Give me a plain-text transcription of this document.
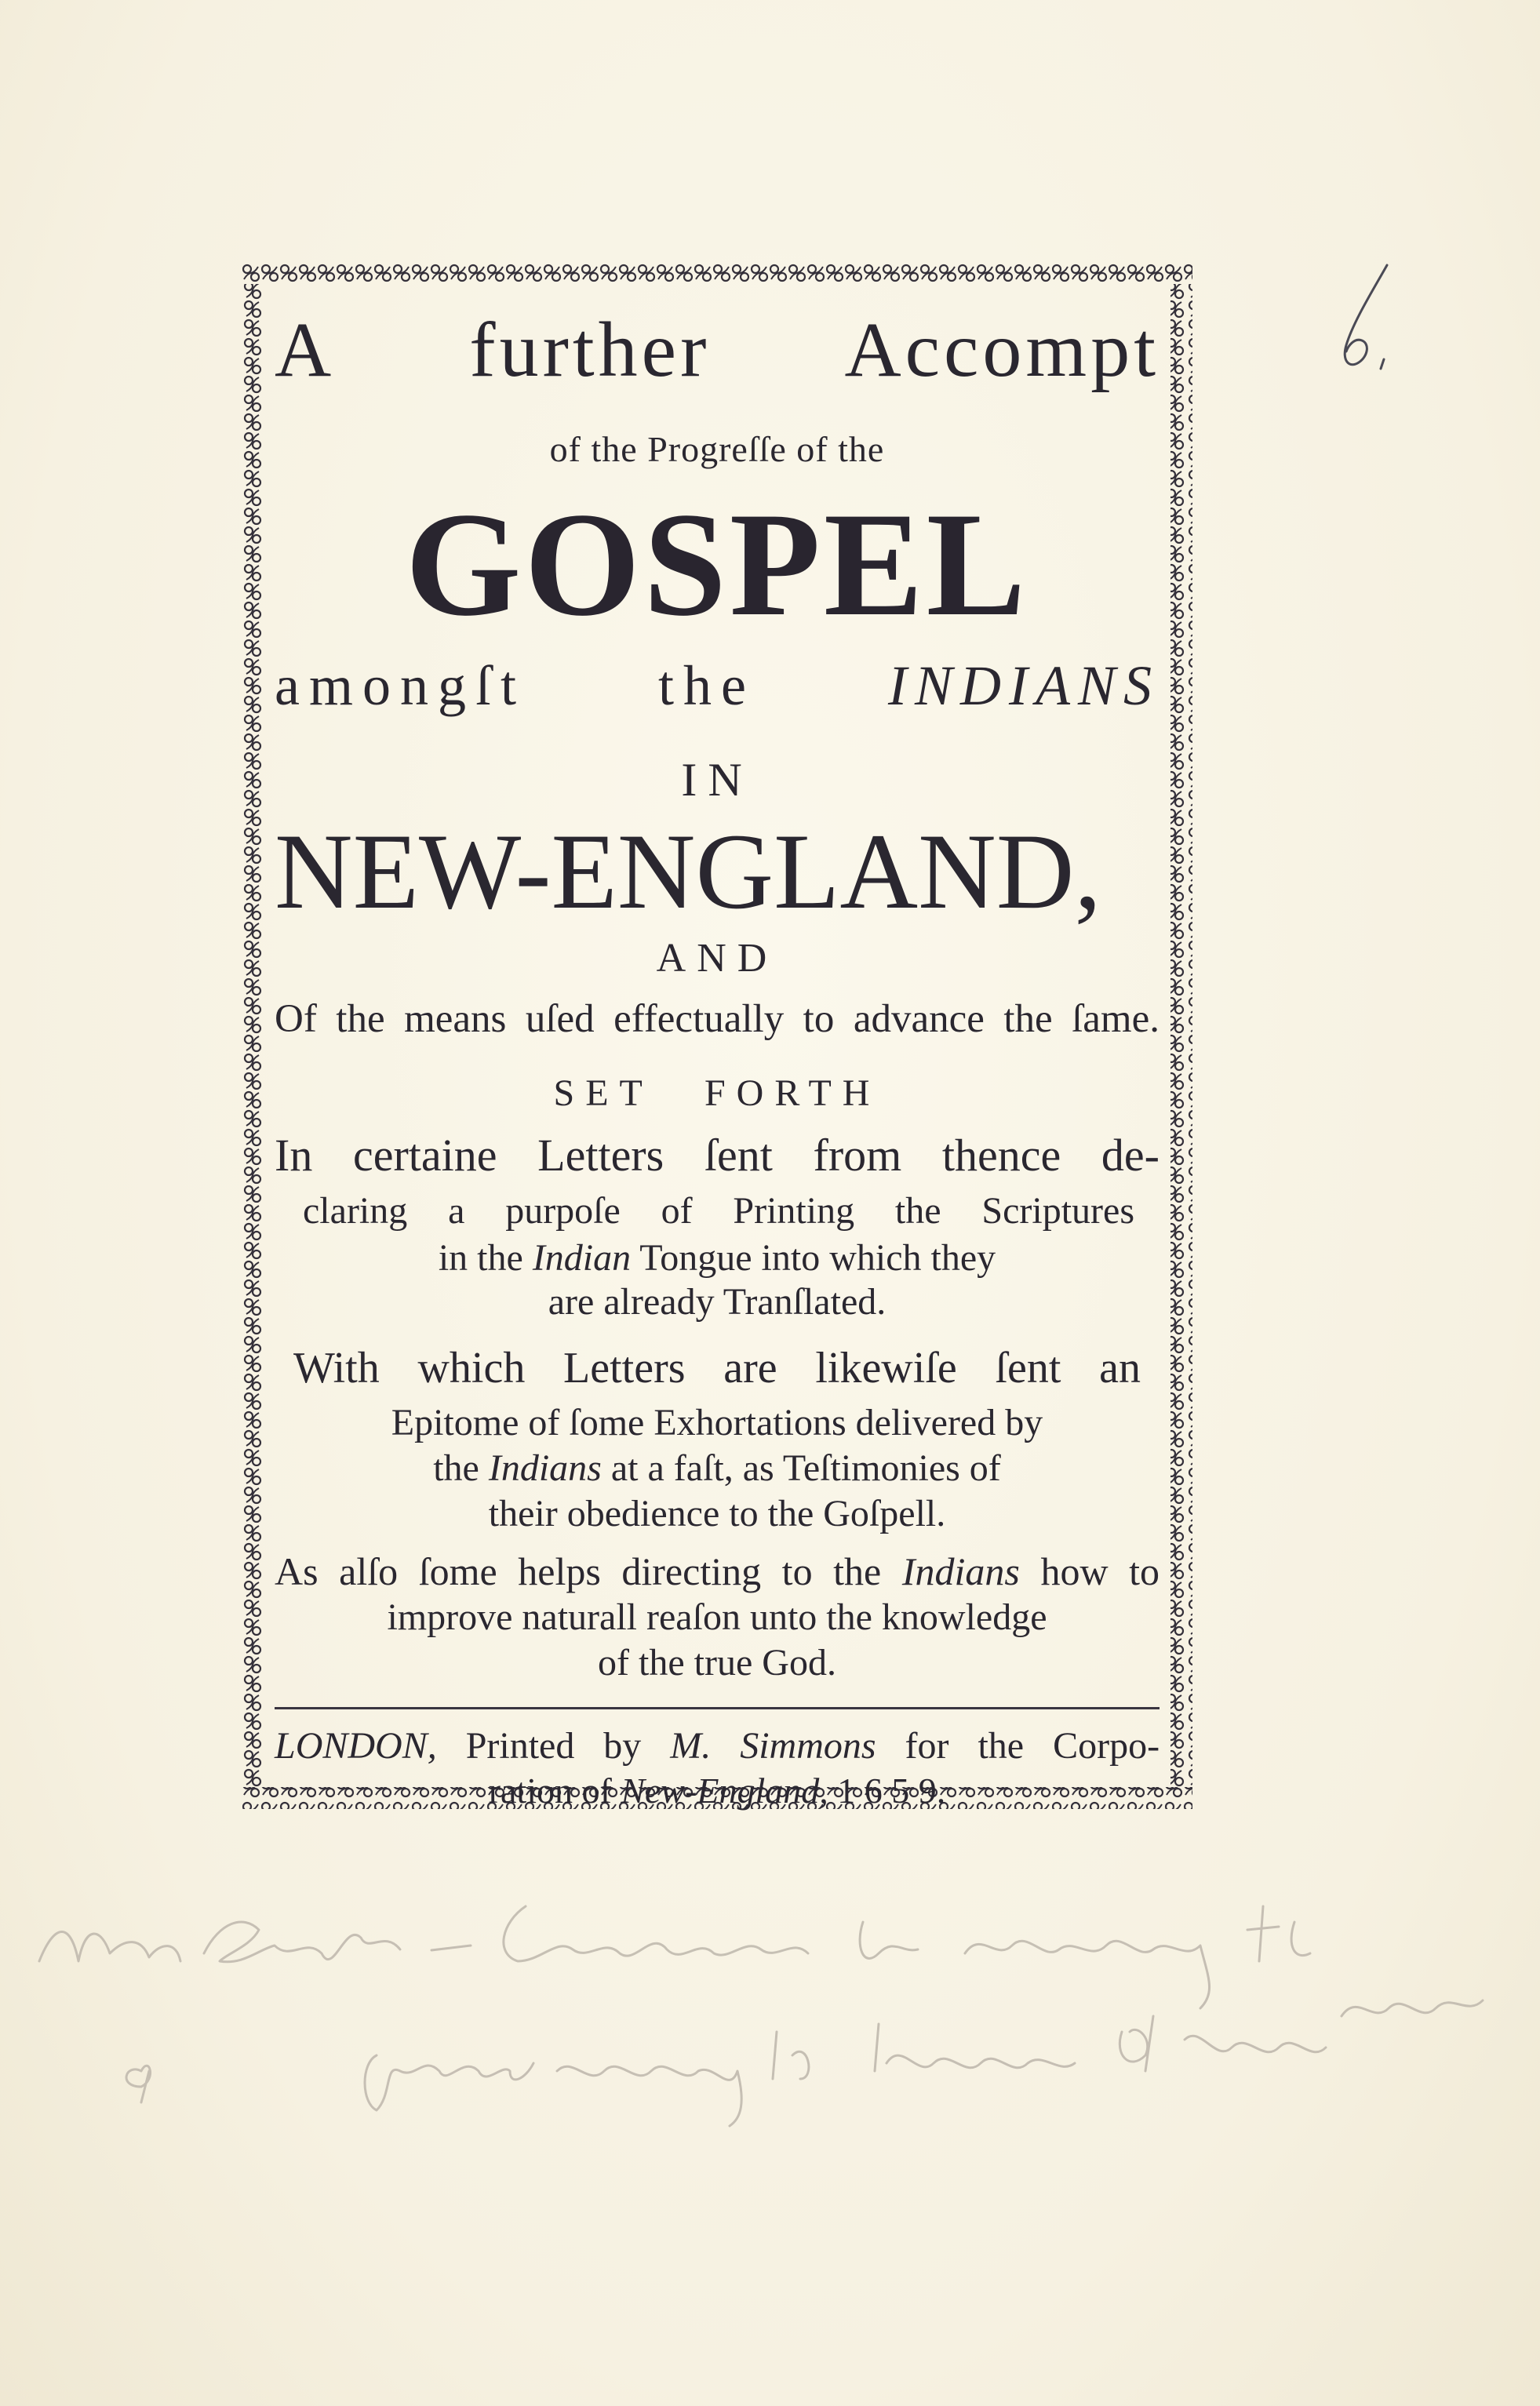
6
A further Accompt
of the Progreſſe of the
GOSPEL
amongſt the INDIANS
IN
NEW-ENGLAND,
AND
Of the means uſed effectually to advance the ſame.
SET FORTH
In certaine Letters ſent from thence de-
claring a purpoſe of Printing the Scriptures
in the Indian Tongue into which they
are already Tranſlated.
With which Letters are likewiſe ſent an
Epitome of ſome Exhortations delivered by
the Indians at a faſt, as Teſtimonies of
their obedience to the Goſpell.
As alſo ſome helps directing to the Indians how to
improve naturall reaſon unto the knowledge
of the true God.
LONDON, Printed by M. Simmons for the Corpo-
ration of New-England, 1 6 5 9.
New England – Corporation for promoting the gospel among the Indians of New England
